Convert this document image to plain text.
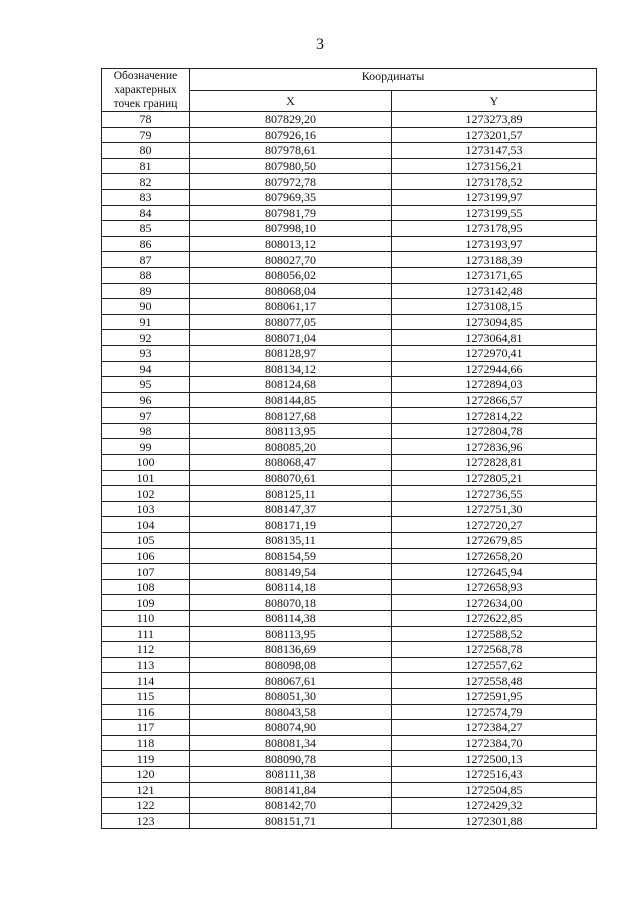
3
Обозначение
характерных
точек границ	Координаты	
	X	Y
78	807829,20	1273273,89
79	807926,16	1273201,57
80	807978,61	1273147,53
81	807980,50	1273156,21
82	807972,78	1273178,52
83	807969,35	1273199,97
84	807981,79	1273199,55
85	807998,10	1273178,95
86	808013,12	1273193,97
87	808027,70	1273188,39
88	808056,02	1273171,65
89	808068,04	1273142,48
90	808061,17	1273108,15
91	808077,05	1273094,85
92	808071,04	1273064,81
93	808128,97	1272970,41
94	808134,12	1272944,66
95	808124,68	1272894,03
96	808144,85	1272866,57
97	808127,68	1272814,22
98	808113,95	1272804,78
99	808085,20	1272836,96
100	808068,47	1272828,81
101	808070,61	1272805,21
102	808125,11	1272736,55
103	808147,37	1272751,30
104	808171,19	1272720,27
105	808135,11	1272679,85
106	808154,59	1272658,20
107	808149,54	1272645,94
108	808114,18	1272658,93
109	808070,18	1272634,00
110	808114,38	1272622,85
111	808113,95	1272588,52
112	808136,69	1272568,78
113	808098,08	1272557,62
114	808067,61	1272558,48
115	808051,30	1272591,95
116	808043,58	1272574,79
117	808074,90	1272384,27
118	808081,34	1272384,70
119	808090,78	1272500,13
120	808111,38	1272516,43
121	808141,84	1272504,85
122	808142,70	1272429,32
123	808151,71	1272301,88
